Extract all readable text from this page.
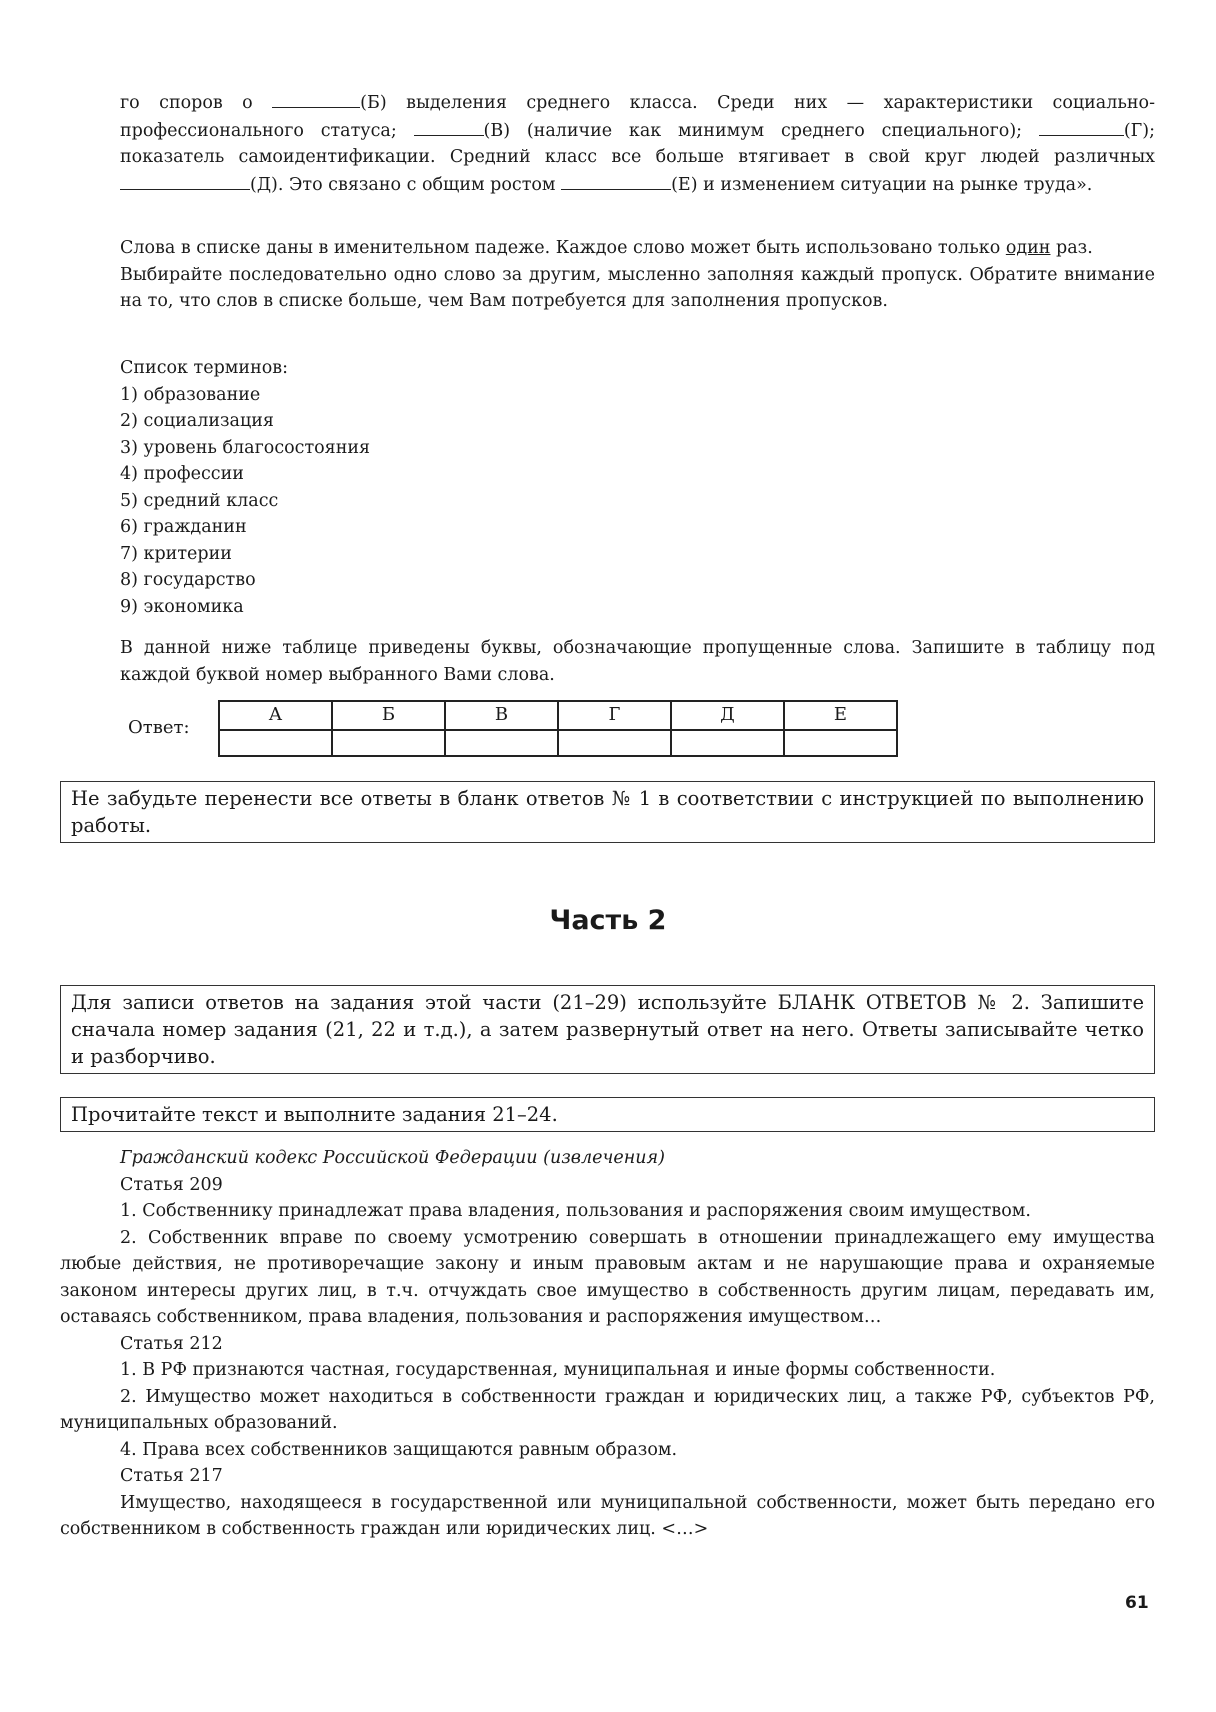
го споров о	(Б) выделения среднего класса. Среди них — характеристики социально-профессионального статуса;	(В) (наличие как минимум среднего специального);	(Г); показатель самоидентификации. Средний класс все больше втягивает в свой круг людей различных (Д). Это связано с общим ростом	(Е) и изменением ситуации на рынке труда».

Слова в списке даны в именительном падеже. Каждое слово может быть использовано только один раз.

Выбирайте последовательно одно слово за другим, мысленно заполняя каждый пропуск. Обратите внимание на то, что слов в списке больше, чем Вам потребуется для заполнения пропусков.

Список терминов:

1) образование

2) социализация

3) уровень благосостояния

4) профессии

5) средний класс

6) гражданин

7) критерии

8) государство

9) экономика

В данной ниже таблице приведены буквы, обозначающие пропущенные слова. Запишите в таблицу под каждой буквой номер выбранного Вами слова.
Ответ:
А	Б	В	Г	Д	Е

Не забудьте перенести все ответы в бланк ответов № 1 в соответствии с инструкцией по выполнению работы.
Часть 2
Для записи ответов на задания этой части (21–29) используйте БЛАНК ОТВЕТОВ № 2. Запишите сначала номер задания (21, 22 и т.д.), а затем развернутый ответ на него. Ответы записывайте четко и разборчиво.
Прочитайте текст и выполните задания 21–24.

Гражданский кодекс Российской Федерации (извлечения)

Статья 209

1. Собственнику принадлежат права владения, пользования и распоряжения своим имуществом.

2. Собственник вправе по своему усмотрению совершать в отношении принадлежащего ему имущества любые действия, не противоречащие закону и иным правовым актам и не нарушающие права и охраняемые законом интересы других лиц, в т.ч. отчуждать свое имущество в собственность другим лицам, передавать им, оставаясь собственником, права владения, пользования и распоряжения имуществом…

Статья 212

1. В РФ признаются частная, государственная, муниципальная и иные формы собственности.

2. Имущество может находиться в собственности граждан и юридических лиц, а также РФ, субъектов РФ, муниципальных образований.

4. Права всех собственников защищаются равным образом.

Статья 217

Имущество, находящееся в государственной или муниципальной собственности, может быть передано его собственником в собственность граждан или юридических лиц. <…>

61
